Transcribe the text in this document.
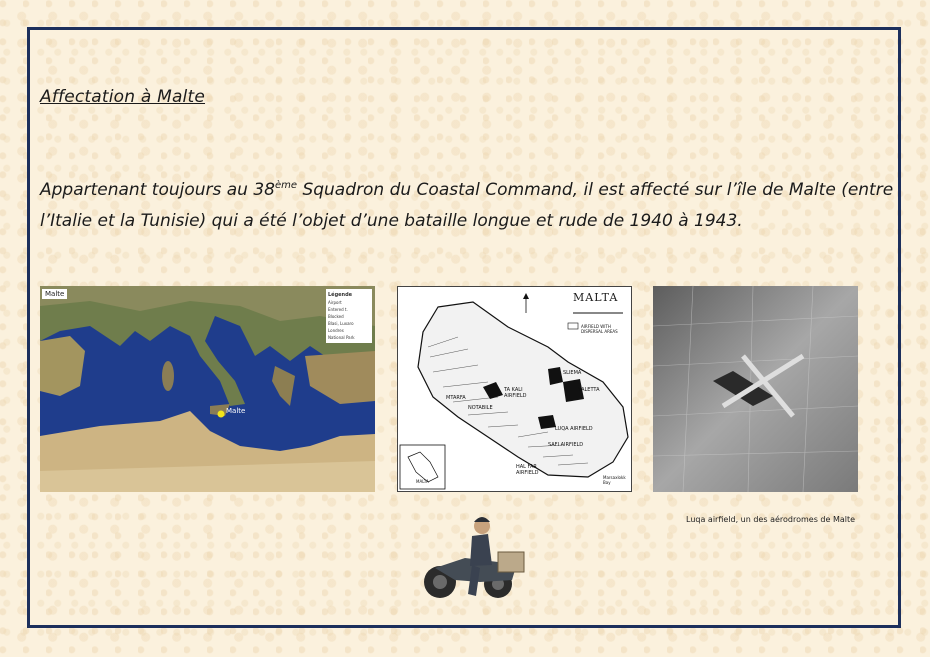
Affectation à Malte
Appartenant toujours au 38ème Squadron du Coastal Command, il est affecté sur l’île de Malte (entre l’Italie et la Tunisie) qui a été l’objet d’une bataille longue et rude de 1940 à 1943.
Malte
Malte
Légende
Airport
Entered t.
Blocked
Blasi, Luxaro
Londres
National Park
MALTA
AIRFIELD WITH DISPERSAL AREAS
SLIEMA
VALETTA
TA KALI AIRFIELD
LUQA AIRFIELD
SAFI AIRFIELD
HAL FAR AIRFIELD
NOTABILE
MTARFA
Marsaxlokk Bay
MALTA
Luqa airfield, un des aérodromes de Malte
